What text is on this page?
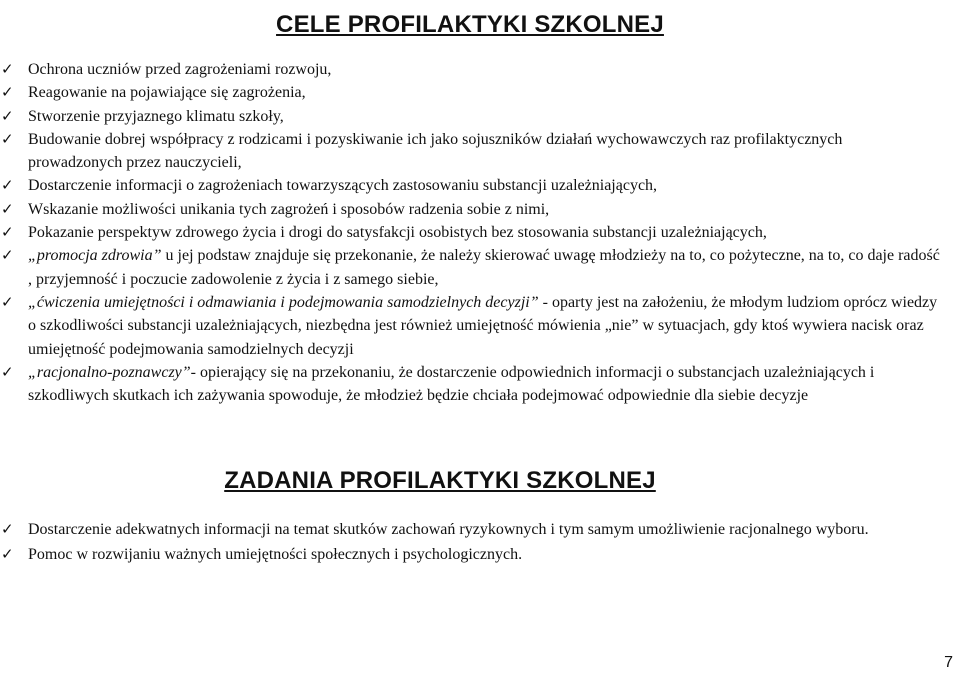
CELE PROFILAKTYKI SZKOLNEJ
✓ Ochrona uczniów przed zagrożeniami rozwoju,
✓ Reagowanie na pojawiające się zagrożenia,
✓ Stworzenie przyjaznego klimatu szkoły,
✓ Budowanie dobrej współpracy z rodzicami i pozyskiwanie ich jako sojuszników działań wychowawczych raz profilaktycznych prowadzonych przez nauczycieli,
✓ Dostarczenie informacji o zagrożeniach towarzyszących zastosowaniu substancji uzależniających,
✓ Wskazanie możliwości unikania tych zagrożeń i sposobów radzenia sobie z nimi,
✓ Pokazanie perspektyw zdrowego życia i drogi do satysfakcji osobistych bez stosowania substancji uzależniających,
✓ „promocja zdrowia” u jej podstaw znajduje się przekonanie, że należy skierować uwagę młodzieży na to, co pożyteczne, na to, co daje radość , przyjemność i poczucie zadowolenie z życia i z samego siebie,
✓ „ćwiczenia umiejętności i odmawiania i podejmowania samodzielnych decyzji” - oparty jest na założeniu, że młodym ludziom oprócz wiedzy o szkodliwości substancji uzależniających, niezbędna jest również umiejętność mówienia „nie” w sytuacjach, gdy ktoś wywiera nacisk oraz umiejętność podejmowania samodzielnych decyzji
✓ „racjonalno-poznawczy”- opierający się na przekonaniu, że dostarczenie odpowiednich informacji o substancjach uzależniających i szkodliwych skutkach ich zażywania spowoduje, że młodzież będzie chciała podejmować odpowiednie dla siebie decyzje
ZADANIA PROFILAKTYKI SZKOLNEJ
✓ Dostarczenie adekwatnych informacji na temat skutków zachowań ryzykownych i tym samym umożliwienie racjonalnego wyboru.
✓ Pomoc w rozwijaniu ważnych umiejętności społecznych i psychologicznych.
7
